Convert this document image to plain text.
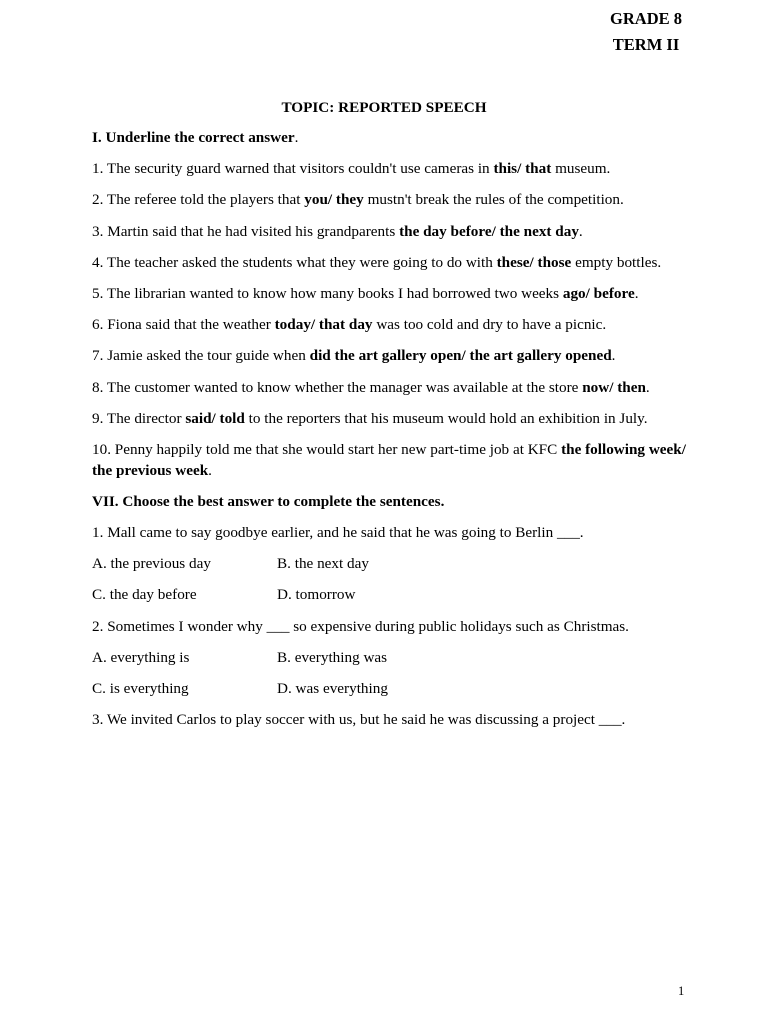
GRADE 8
TERM II
TOPIC: REPORTED SPEECH

I. Underline the correct answer.

1. The security guard warned that visitors couldn't use cameras in this/ that museum.

2. The referee told the players that you/ they mustn't break the rules of the competition.

3. Martin said that he had visited his grandparents the day before/ the next day.

4. The teacher asked the students what they were going to do with these/ those empty bottles.

5. The librarian wanted to know how many books I had borrowed two weeks ago/ before.

6. Fiona said that the weather today/ that day was too cold and dry to have a picnic.

7. Jamie asked the tour guide when did the art gallery open/ the art gallery opened.

8. The customer wanted to know whether the manager was available at the store now/ then.

9. The director said/ told to the reporters that his museum would hold an exhibition in July.

10. Penny happily told me that she would start her new part-time job at KFC the following week/ the previous week.

VII. Choose the best answer to complete the sentences.

1. Mall came to say goodbye earlier, and he said that he was going to Berlin ___.

A. the previous day	B. the next day
C. the day before	D. tomorrow

2. Sometimes I wonder why ___ so expensive during public holidays such as Christmas.

A. everything is	B. everything was
C. is everything	D. was everything

3. We invited Carlos to play soccer with us, but he said he was discussing a project ___.

1
